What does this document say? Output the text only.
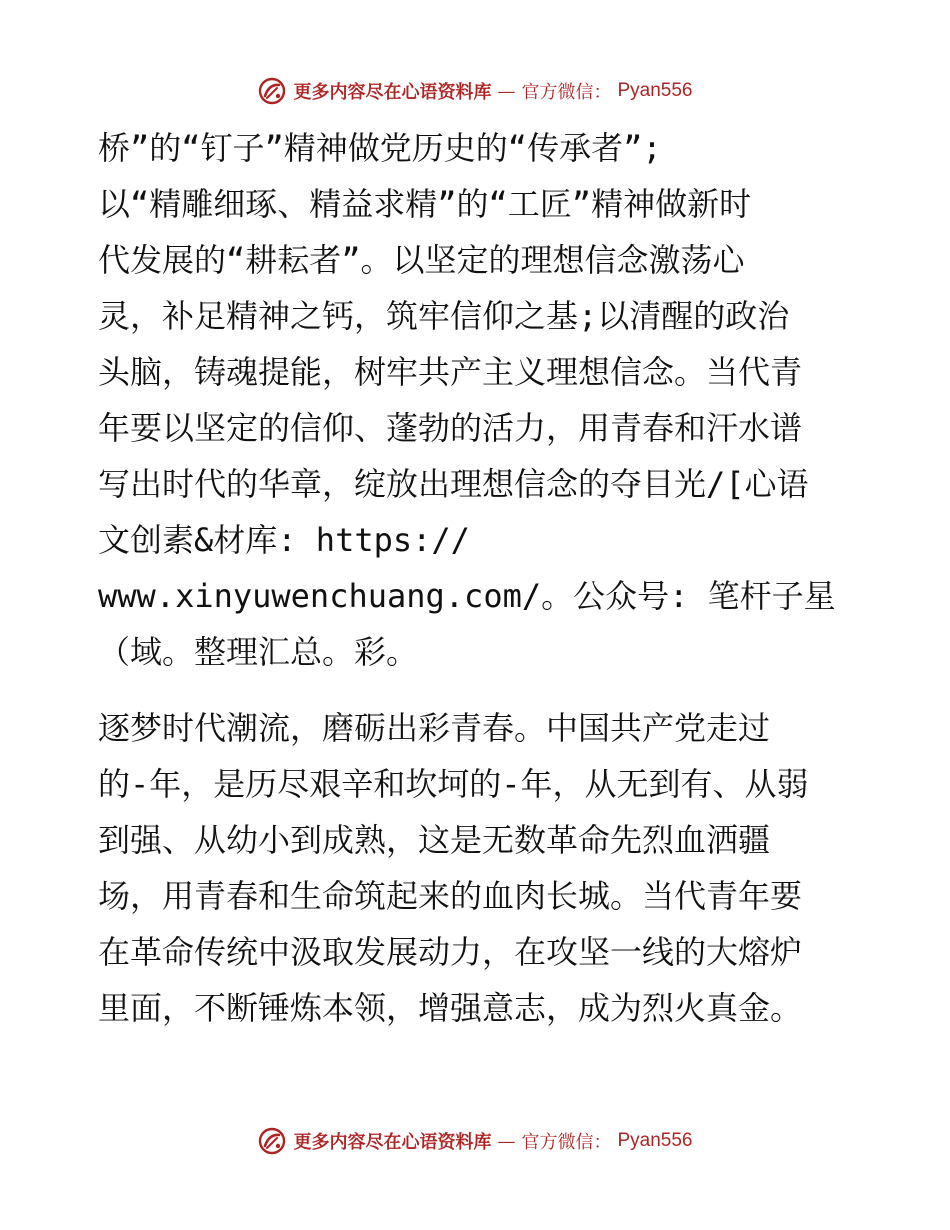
更多内容尽在心语资料库 — 官方微信： Pyan556
桥”的“钉子”精神做党历史的“传承者”;
以“精雕细琢、精益求精”的“工匠”精神做新时
代发展的“耕耘者”。以坚定的理想信念激荡心
灵，补足精神之钙，筑牢信仰之基;以清醒的政治
头脑，铸魂提能，树牢共产主义理想信念。当代青
年要以坚定的信仰、蓬勃的活力，用青春和汗水谱
写出时代的华章，绽放出理想信念的夺目光/[心语
文创素&材库: https://
www.xinyuwenchuang.com/。公众号: 笔杆子星
（域。整理汇总。彩。
逐梦时代潮流，磨砺出彩青春。中国共产党走过
的-年，是历尽艰辛和坎坷的-年，从无到有、从弱
到强、从幼小到成熟，这是无数革命先烈血洒疆
场，用青春和生命筑起来的血肉长城。当代青年要
在革命传统中汲取发展动力，在攻坚一线的大熔炉
里面，不断锤炼本领，增强意志，成为烈火真金。
更多内容尽在心语资料库 — 官方微信： Pyan556
